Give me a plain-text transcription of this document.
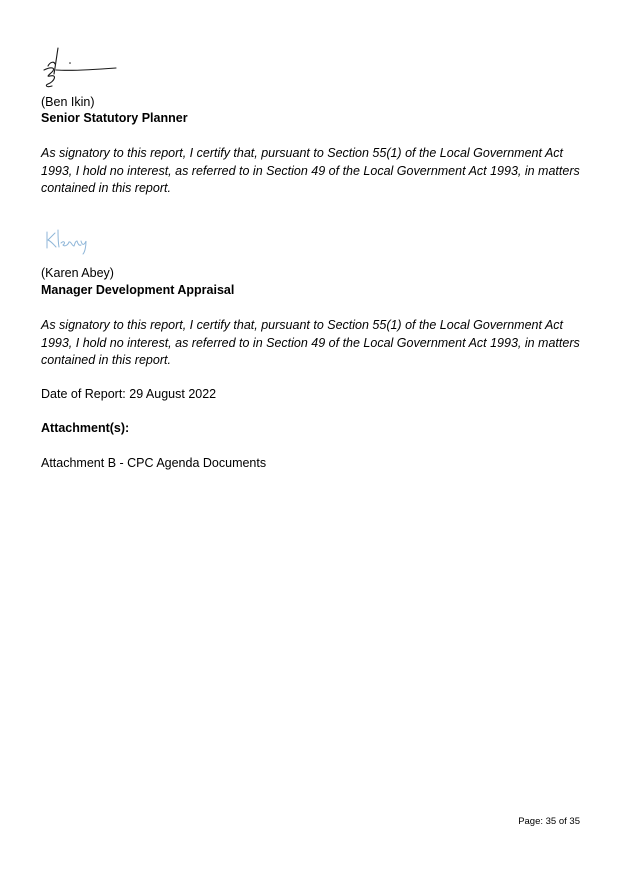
(Ben Ikin)
Senior Statutory Planner
As signatory to this report, I certify that, pursuant to Section 55(1) of the Local Government Act 1993, I hold no interest, as referred to in Section 49 of the Local Government Act 1993, in matters contained in this report.
(Karen Abey)
Manager Development Appraisal
As signatory to this report, I certify that, pursuant to Section 55(1) of the Local Government Act 1993, I hold no interest, as referred to in Section 49 of the Local Government Act 1993, in matters contained in this report.
Date of Report: 29 August 2022
Attachment(s):
Attachment B - CPC Agenda Documents
Page: 35 of 35
